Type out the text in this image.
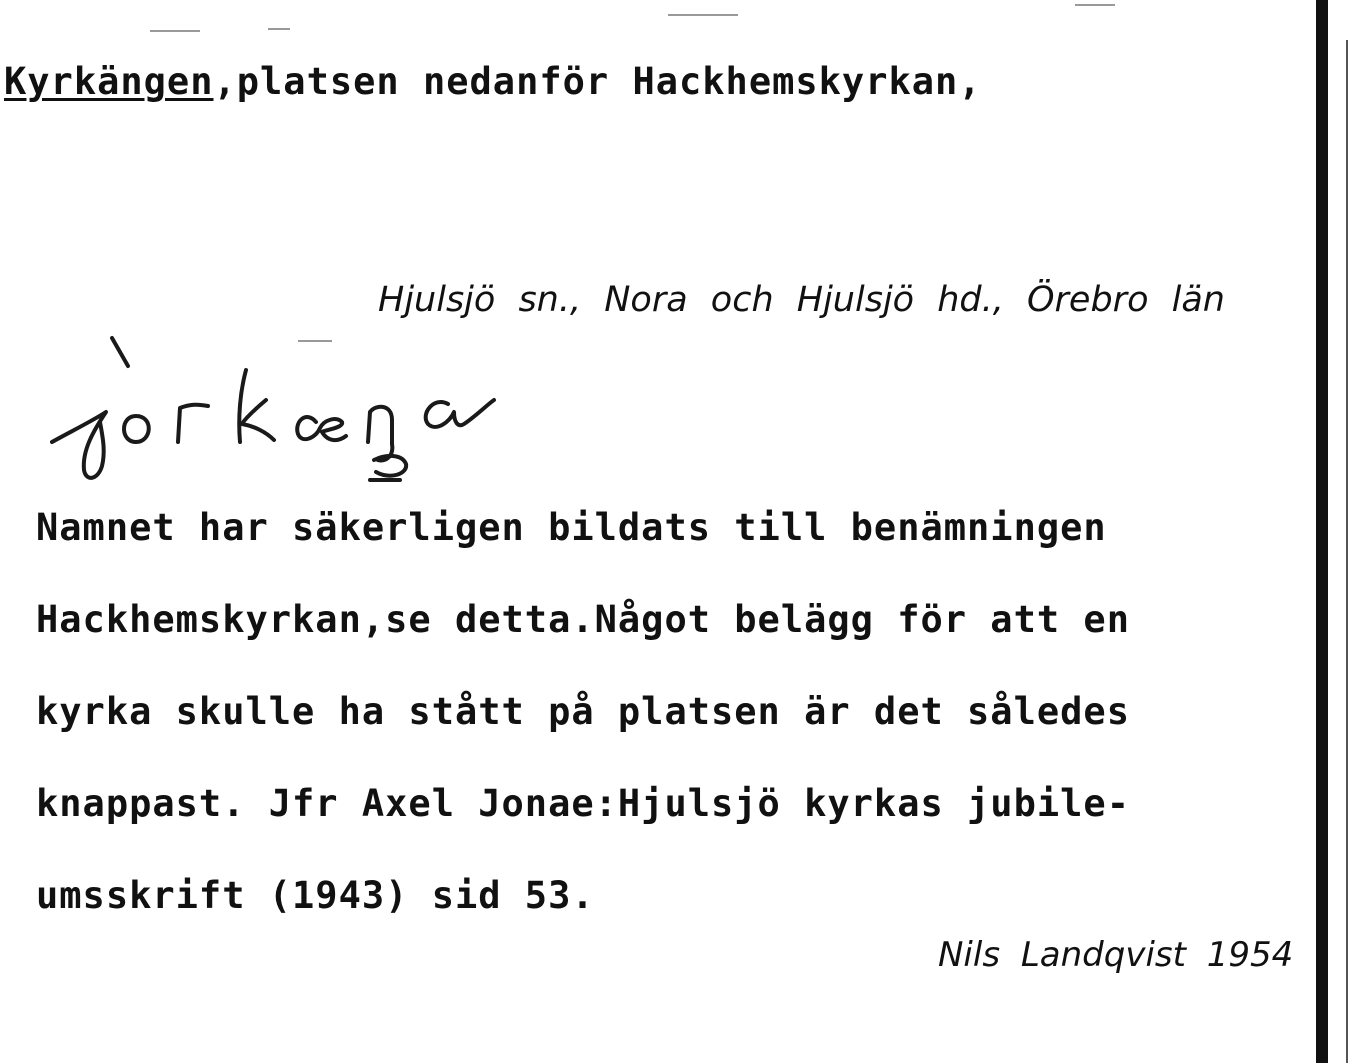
Kyrkängen,platsen nedanför Hackhemskyrkan,
Hjulsjö sn., Nora och Hjulsjö hd., Örebro län
jòrkæŋa
Namnet har säkerligen bildats till benämningen
Hackhemskyrkan,se detta.Något belägg för att en
kyrka skulle ha stått på platsen är det således
knappast. Jfr Axel Jonae:Hjulsjö kyrkas jubile-
umsskrift (1943) sid 53.
Nils Landqvist 1954
